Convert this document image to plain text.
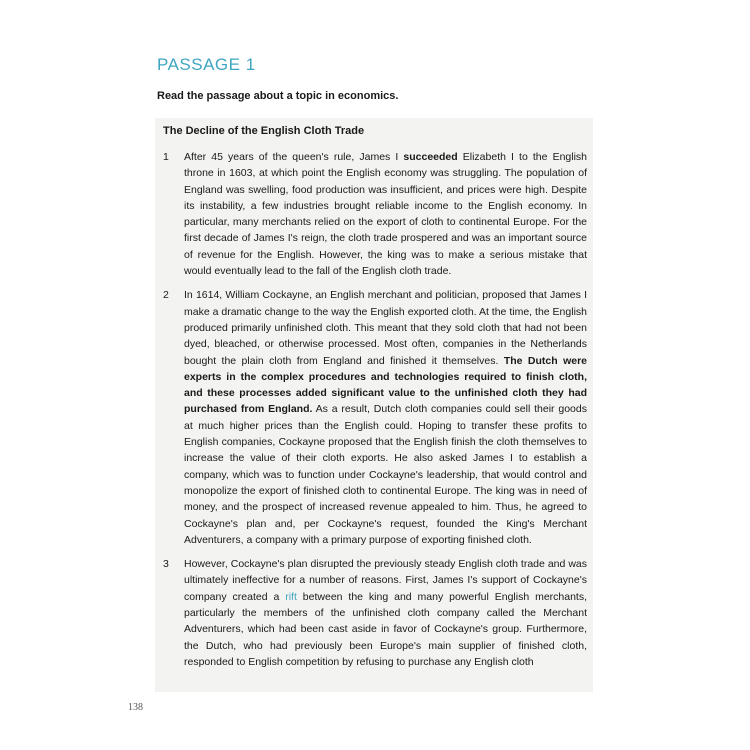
PASSAGE 1

Read the passage about a topic in economics.

The Decline of the English Cloth Trade
1	After 45 years of the queen's rule, James I succeeded Elizabeth I to the English throne in 1603, at which point the English economy was struggling. The population of England was swelling, food production was insufficient, and prices were high. Despite its instability, a few industries brought reliable income to the English economy. In particular, many merchants relied on the export of cloth to continental Europe. For the first decade of James I's reign, the cloth trade prospered and was an important source of revenue for the English. However, the king was to make a serious mistake that would eventually lead to the fall of the English cloth trade.

2	In 1614, William Cockayne, an English merchant and politician, proposed that James I make a dramatic change to the way the English exported cloth. At the time, the English produced primarily unfinished cloth. This meant that they sold cloth that had not been dyed, bleached, or otherwise processed. Most often, companies in the Netherlands bought the plain cloth from England and finished it themselves. The Dutch were experts in the complex procedures and technologies required to finish cloth, and these processes added significant value to the unfinished cloth they had purchased from England. As a result, Dutch cloth companies could sell their goods at much higher prices than the English could. Hoping to transfer these profits to English companies, Cockayne proposed that the English finish the cloth themselves to increase the value of their cloth exports. He also asked James I to establish a company, which was to function under Cockayne's leadership, that would control and monopolize the export of finished cloth to continental Europe. The king was in need of money, and the prospect of increased revenue appealed to him. Thus, he agreed to Cockayne's plan and, per Cockayne's request, founded the King's Merchant Adventurers, a company with a primary purpose of exporting finished cloth.

3	However, Cockayne's plan disrupted the previously steady English cloth trade and was ultimately ineffective for a number of reasons. First, James I's support of Cockayne's company created a rift between the king and many powerful English merchants, particularly the members of the unfinished cloth company called the Merchant Adventurers, which had been cast aside in favor of Cockayne's group. Furthermore, the Dutch, who had previously been Europe's main supplier of finished cloth, responded to English competition by refusing to purchase any English cloth

138
